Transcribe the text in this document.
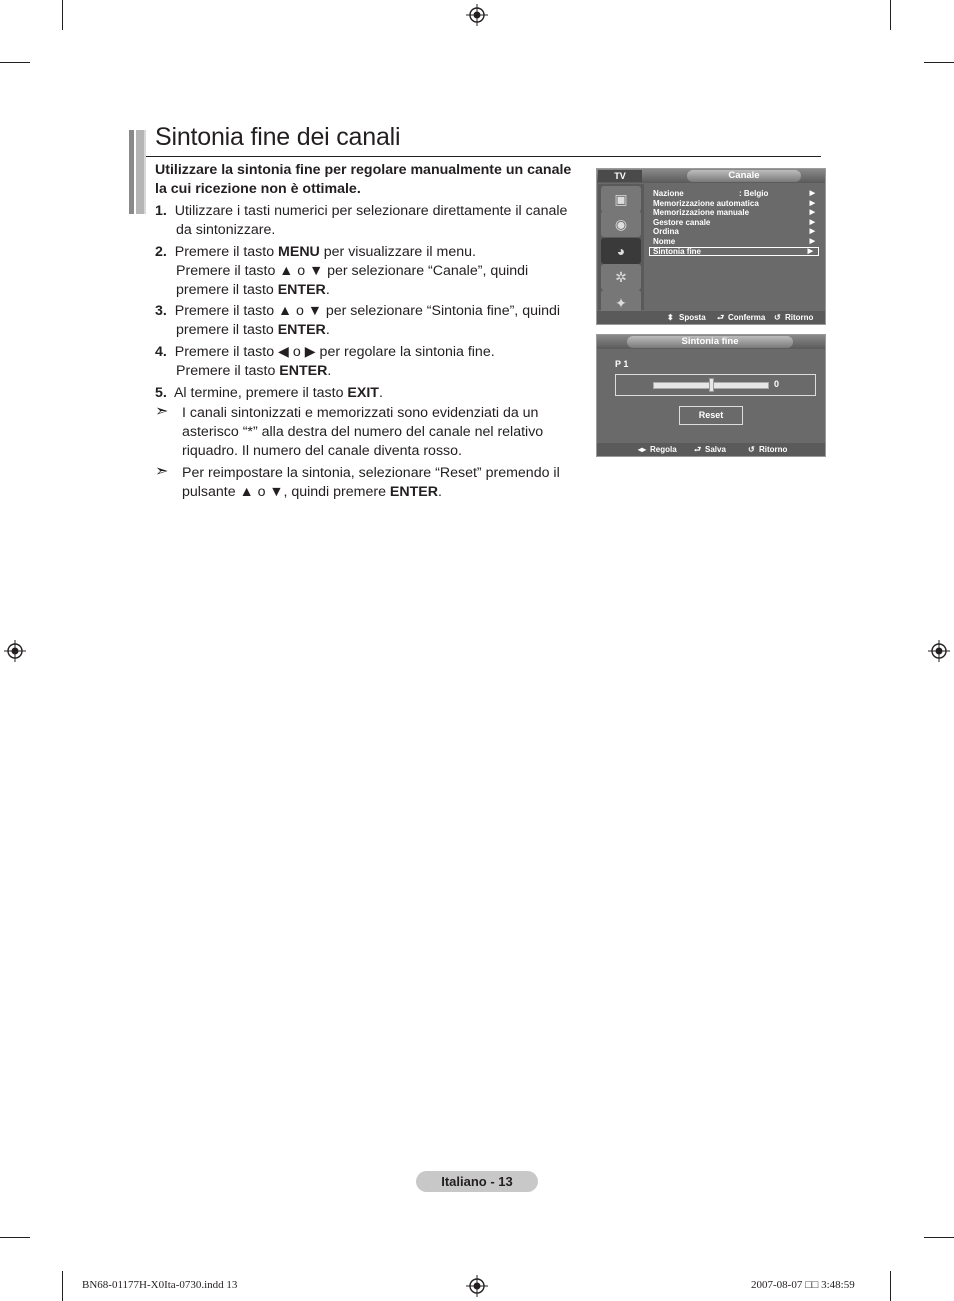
Sintonia fine dei canali
Utilizzare la sintonia fine per regolare manualmente un canale la cui ricezione non è ottimale.
1. Utilizzare i tasti numerici per selezionare direttamente il canale
da sintonizzare.
2. Premere il tasto MENU per visualizzare il menu.
Premere il tasto ▲ o ▼ per selezionare “Canale”, quindi
premere il tasto ENTER.
3. Premere il tasto ▲ o ▼ per selezionare “Sintonia fine”, quindi
premere il tasto ENTER.
4. Premere il tasto ◀ o ▶ per regolare la sintonia fine.
Premere il tasto ENTER.
5. Al termine, premere il tasto EXIT.
➣ I canali sintonizzati e memorizzati sono evidenziati da un
asterisco “*” alla destra del numero del canale nel relativo
riquadro. Il numero del canale diventa rosso.
➣ Per reimpostare la sintonia, selezionare “Reset” premendo il
pulsante ▲ o ▼, quindi premere ENTER.
TV	Canale
▣
◉
◕
✲
✦
Nazione	: Belgio	▶
Memorizzazione automatica	▶
Memorizzazione manuale	▶
Gestore canale	▶
Ordina	▶
Nome	▶
Sintonia fine	▶
⬍ Sposta ⮐ Conferma ↺ Ritorno
Sintonia fine
P 1
0
Reset
◂▸ Regola ⮐ Salva	↺ Ritorno
Italiano - 13
BN68-01177H-X0Ita-0730.indd 13	2007-08-07 □□ 3:48:59
